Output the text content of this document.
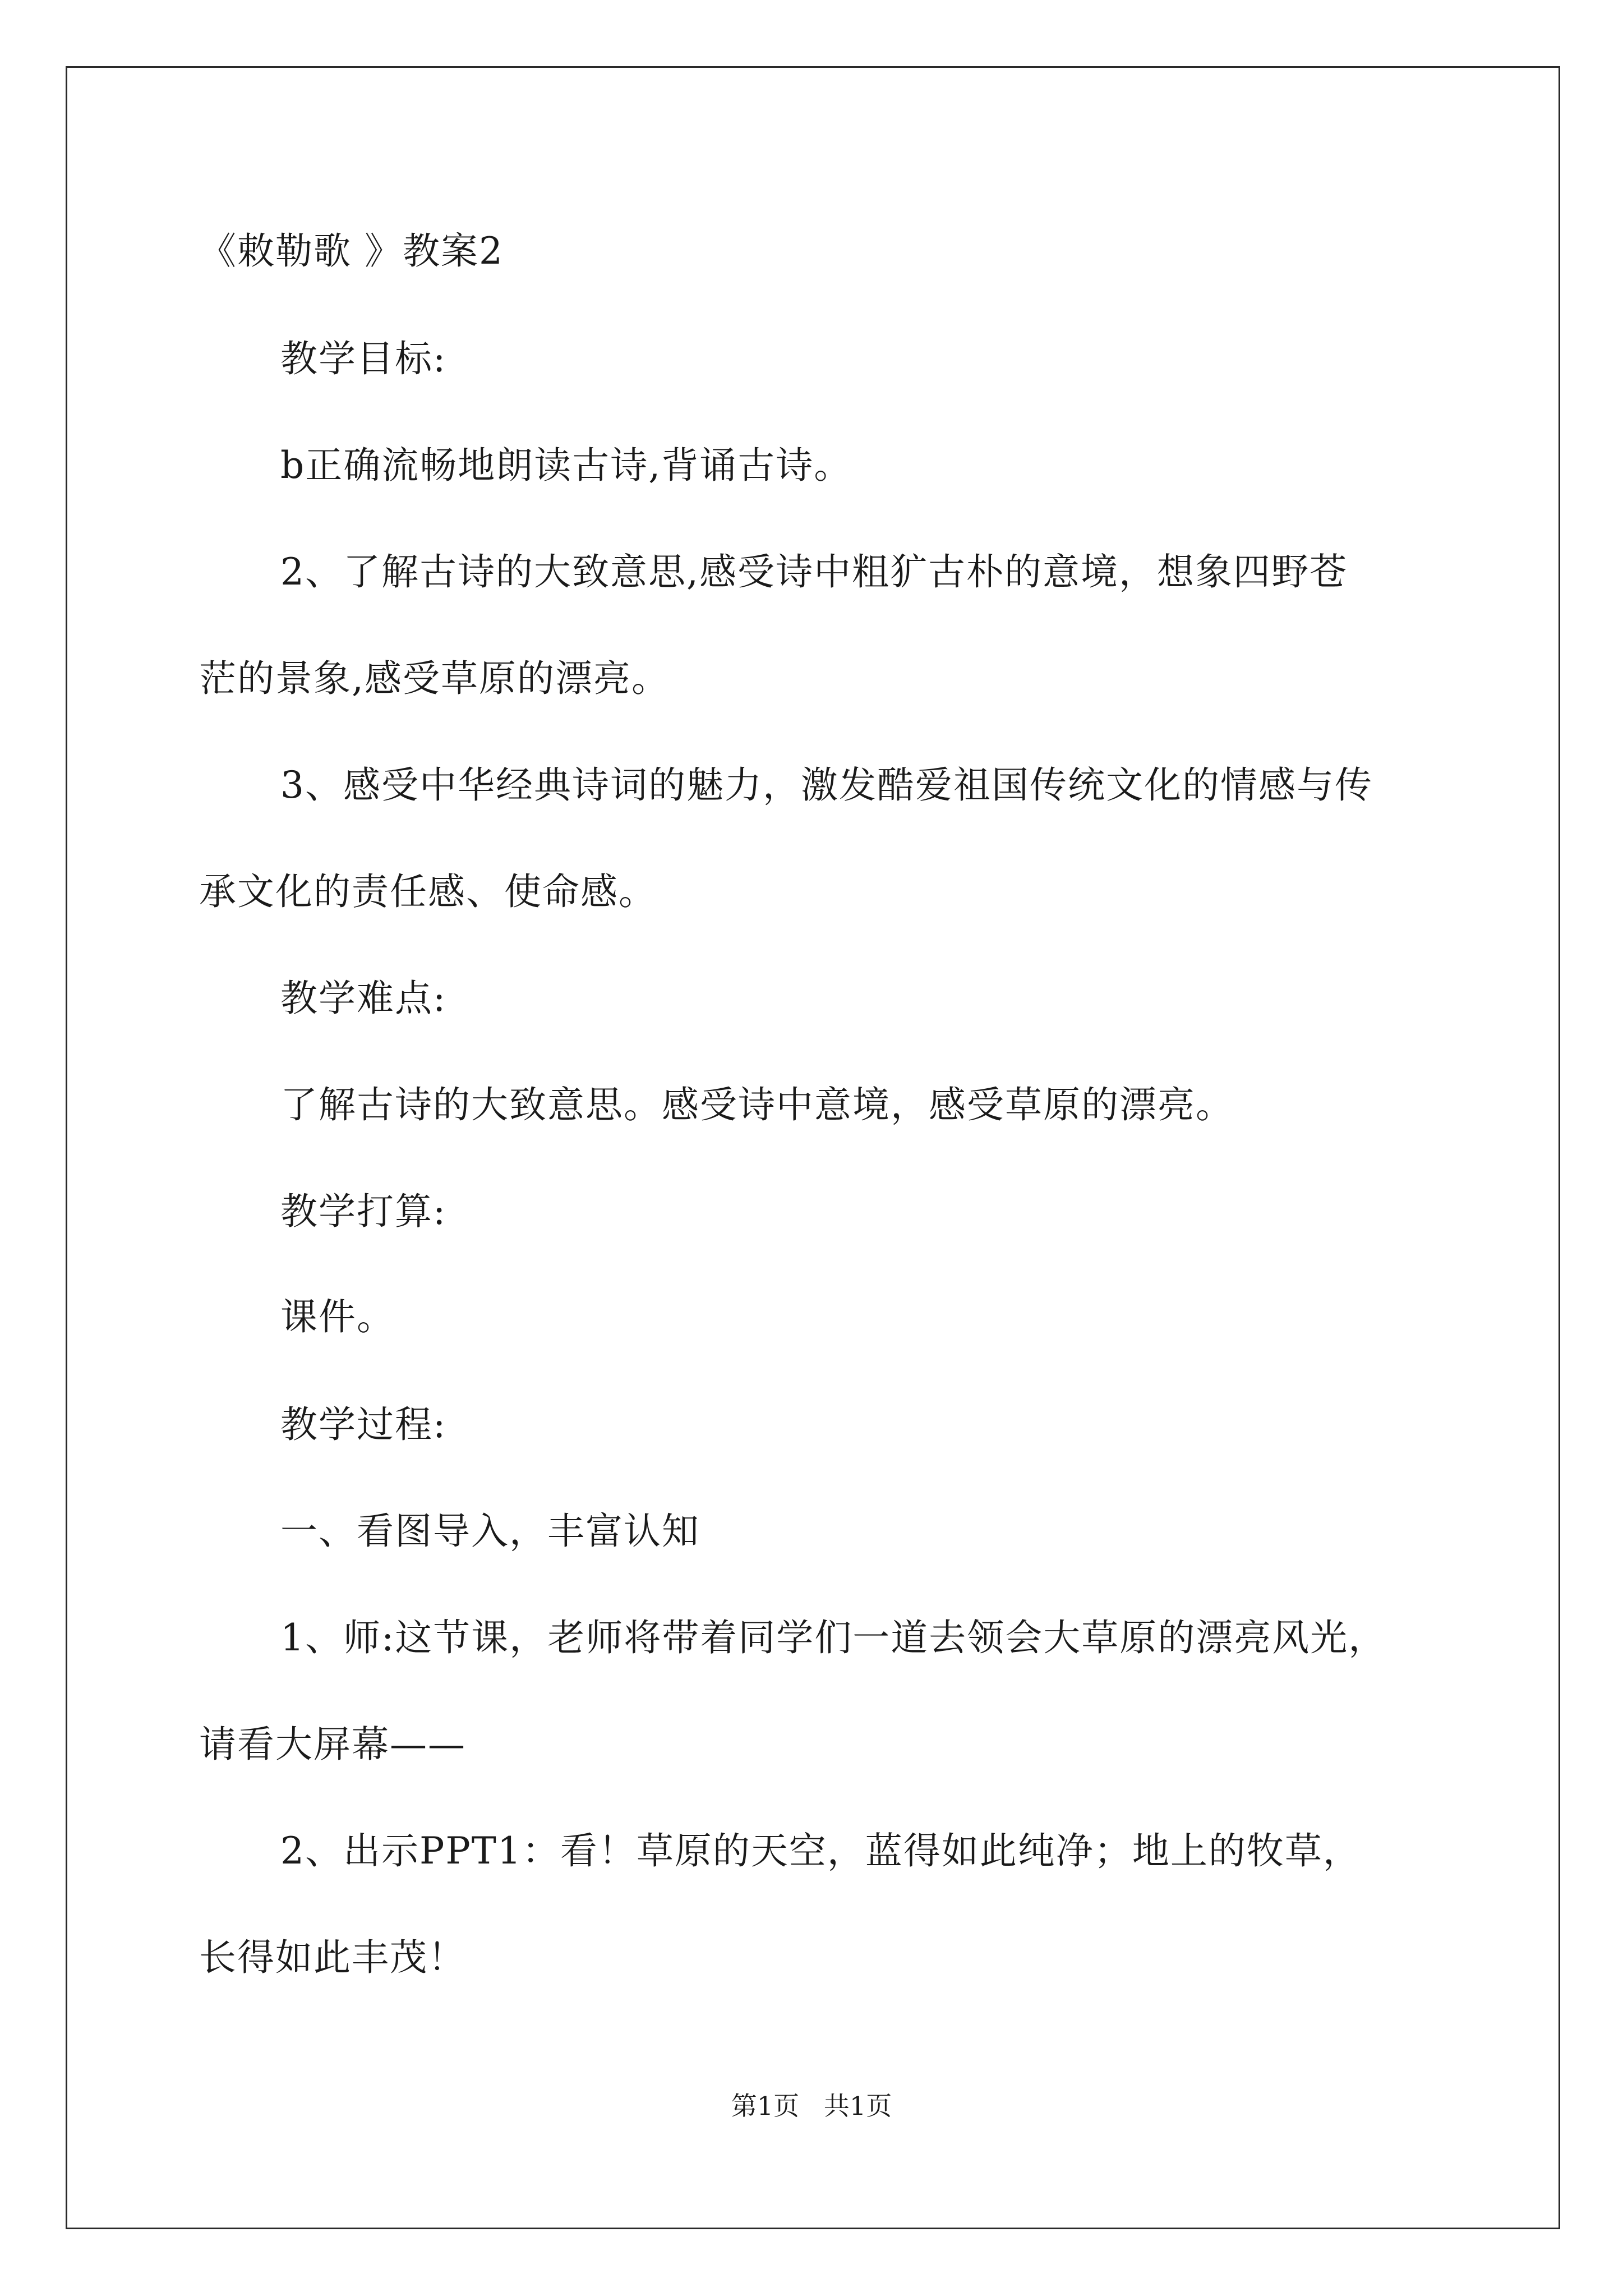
《敕勒歌 》教案2
教学目标:
b正确流畅地朗读古诗,背诵古诗。
2、了解古诗的大致意思,感受诗中粗犷古朴的意境，想象四野苍
茫的景象,感受草原的漂亮。
3、感受中华经典诗词的魅力，激发酷爱祖国传统文化的情感与传
承文化的责任感、使命感。
教学难点:
了解古诗的大致意思。感受诗中意境，感受草原的漂亮。
教学打算:
课件。
教学过程:
一、看图导入，丰富认知
1、师:这节课，老师将带着同学们一道去领会大草原的漂亮风光，
请看大屏幕——
2、出示PPT1：看！草原的天空，蓝得如此纯净；地上的牧草，
长得如此丰茂！
第1页   共1页
